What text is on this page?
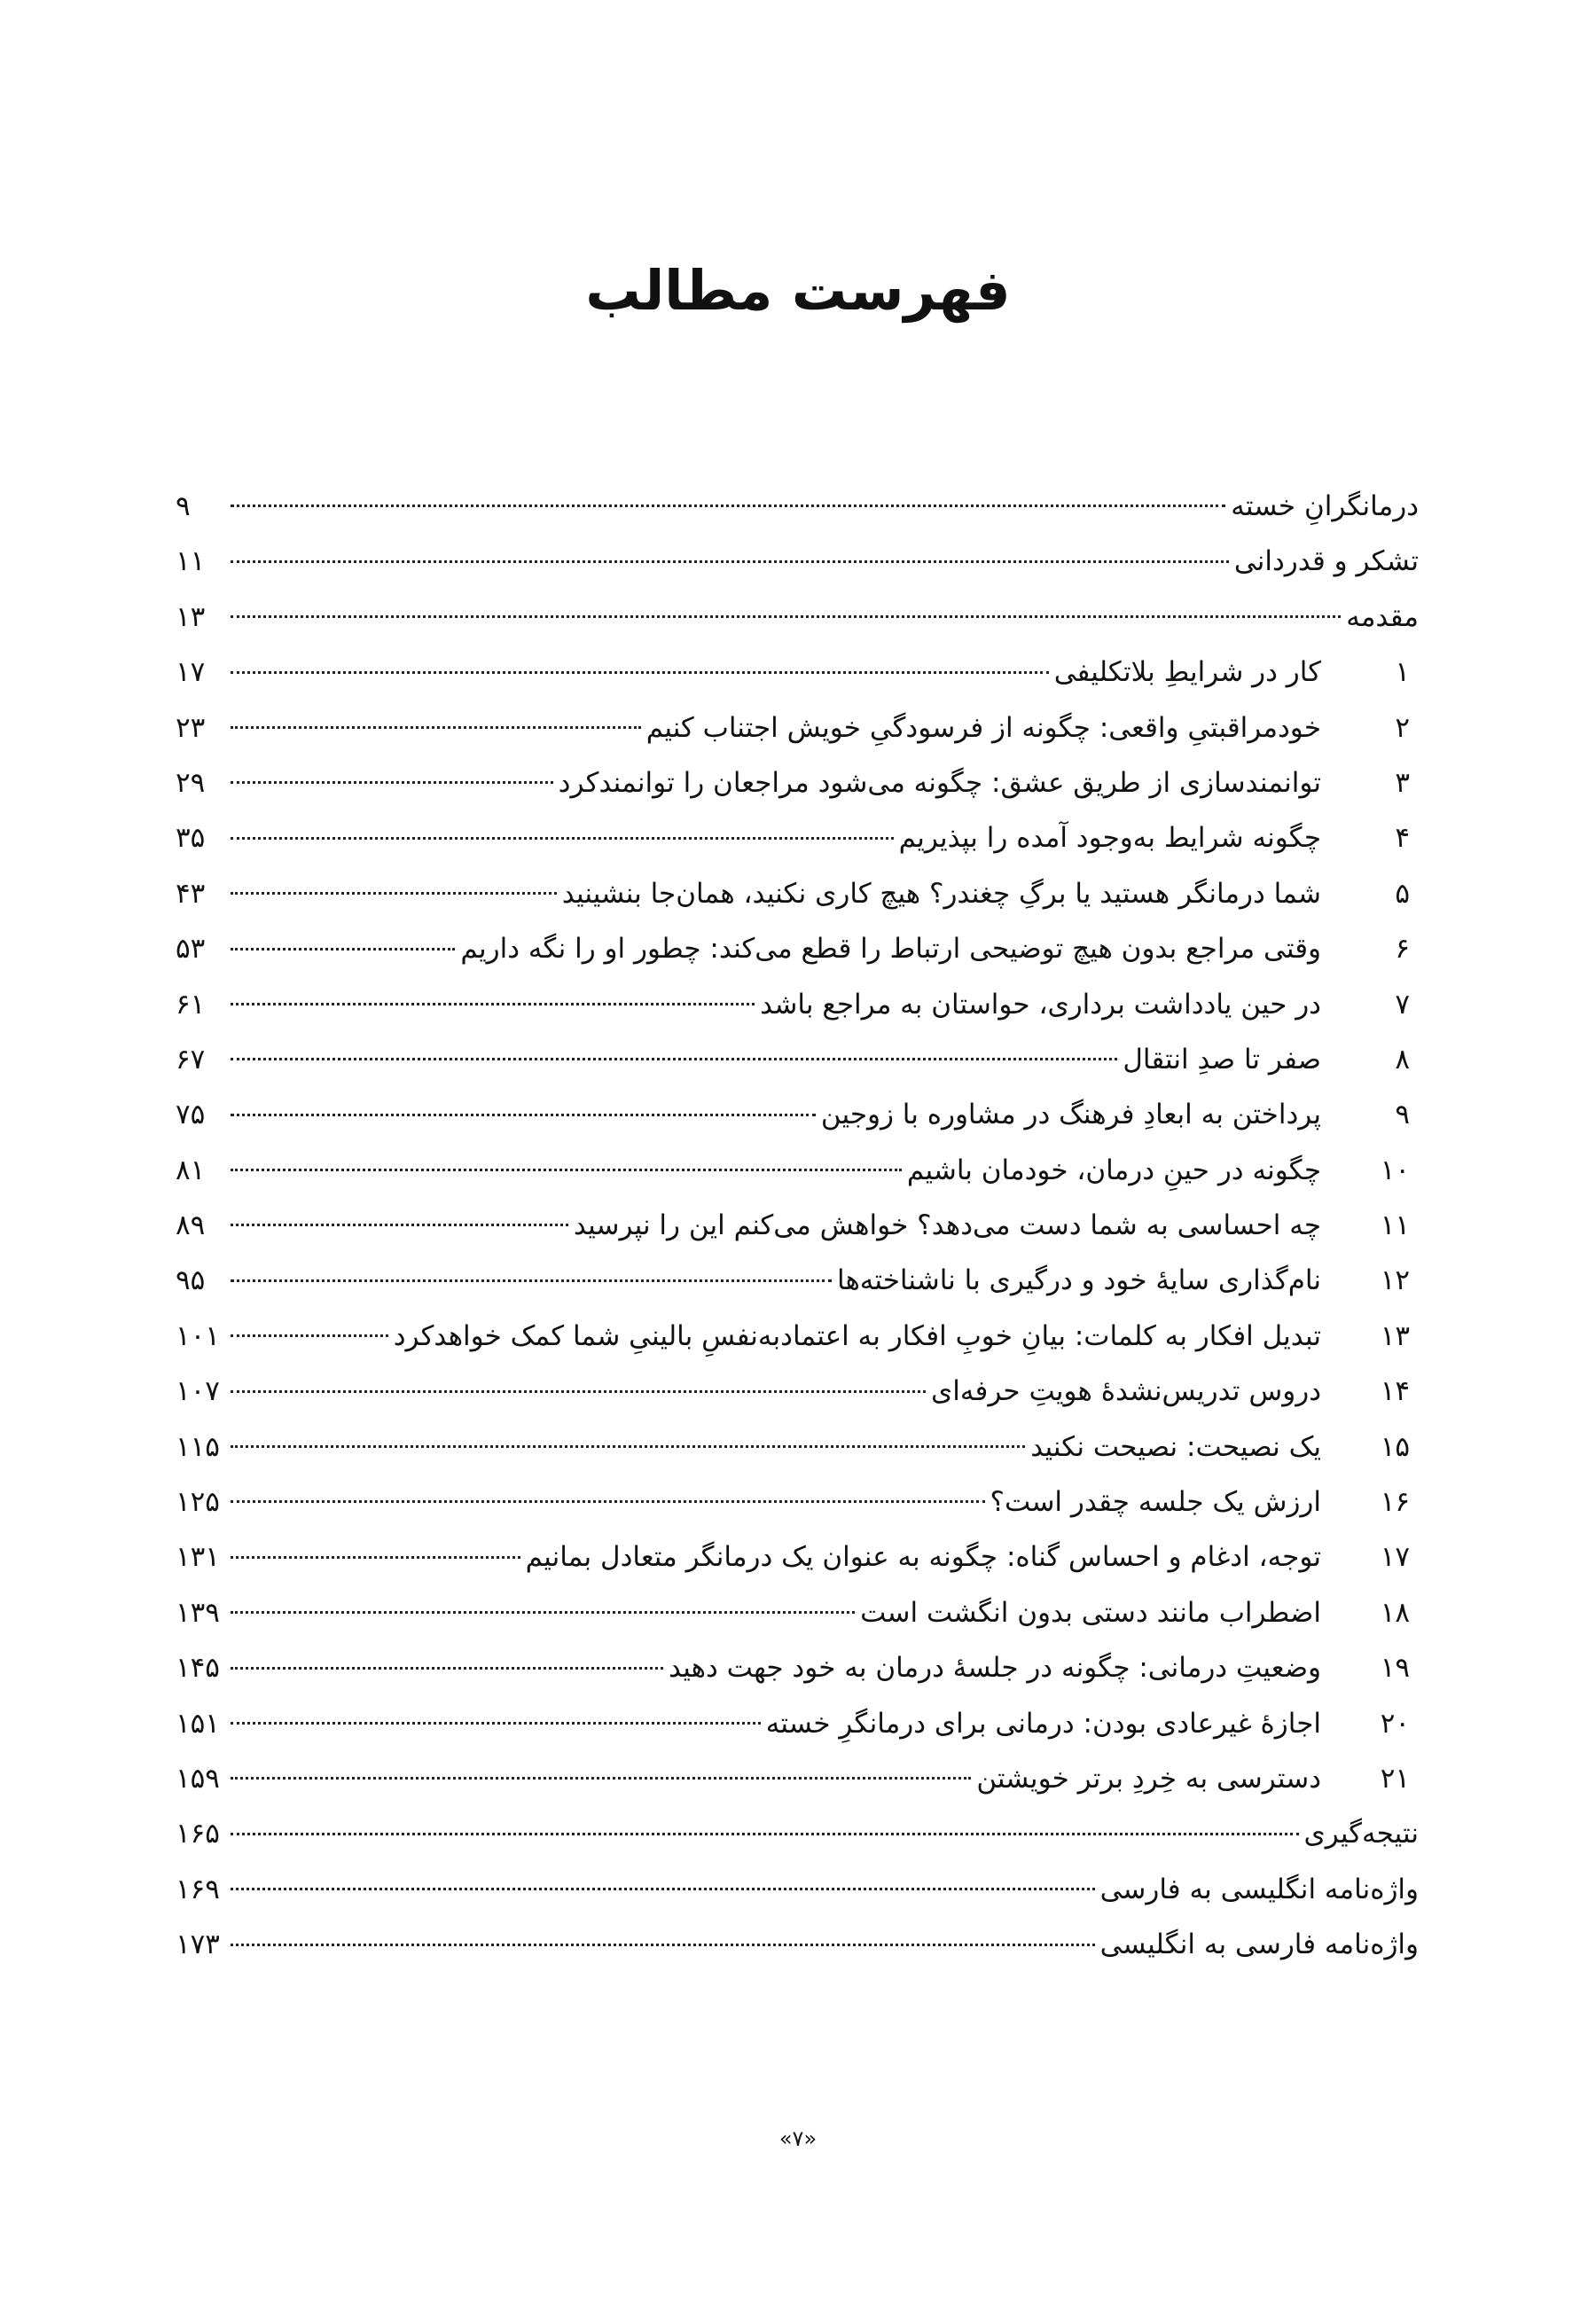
فهرست مطالب
درمانگرانِ خسته
۹
تشکر و قدردانی
۱۱
مقدمه
۱۳
۱
کار در شرایطِ بلاتکلیفی
۱۷
۲
خودمراقبتیِ واقعی: چگونه از فرسودگیِ خویش اجتناب کنیم
۲۳
۳
توانمندسازی از طریق عشق: چگونه می‌شود مراجعان را توانمندکرد
۲۹
۴
چگونه شرایط به‌وجود آمده را بپذیریم
۳۵
۵
شما درمانگر هستید یا برگِ چغندر؟ هیچ کاری نکنید، همان‌جا بنشینید
۴۳
۶
وقتی مراجع بدون هیچ توضیحی ارتباط را قطع می‌کند: چطور او را نگه داریم
۵۳
۷
در حین یادداشت برداری، حواستان به مراجع باشد
۶۱
۸
صفر تا صدِ انتقال
۶۷
۹
پرداختن به ابعادِ فرهنگ در مشاوره با زوجین
۷۵
۱۰
چگونه در حینِ درمان، خودمان باشیم
۸۱
۱۱
چه احساسی به شما دست می‌دهد؟ خواهش می‌کنم این را نپرسید
۸۹
۱۲
نام‌گذاری سایۀ خود و درگیری با ناشناخته‌ها
۹۵
۱۳
تبدیل افکار به کلمات: بیانِ خوبِ افکار به اعتمادبه‌نفسِ بالینیِ شما کمک خواهدکرد
۱۰۱
۱۴
دروس تدریس‌نشدۀ هویتِ حرفه‌ای
۱۰۷
۱۵
یک نصیحت: نصیحت نکنید
۱۱۵
۱۶
ارزش یک جلسه چقدر است؟
۱۲۵
۱۷
توجه، ادغام و احساس گناه: چگونه به عنوان یک درمانگر متعادل بمانیم
۱۳۱
۱۸
اضطراب مانند دستی بدون انگشت است
۱۳۹
۱۹
وضعیتِ درمانی: چگونه در جلسۀ درمان به خود جهت دهید
۱۴۵
۲۰
اجازۀ غیرعادی بودن: درمانی برای درمانگرِ خسته
۱۵۱
۲۱
دسترسی به خِردِ برتر خویشتن
۱۵۹
نتیجه‌گیری
۱۶۵
واژه‌نامه انگلیسی به فارسی
۱۶۹
واژه‌نامه فارسی به انگلیسی
۱۷۳
«۷»
